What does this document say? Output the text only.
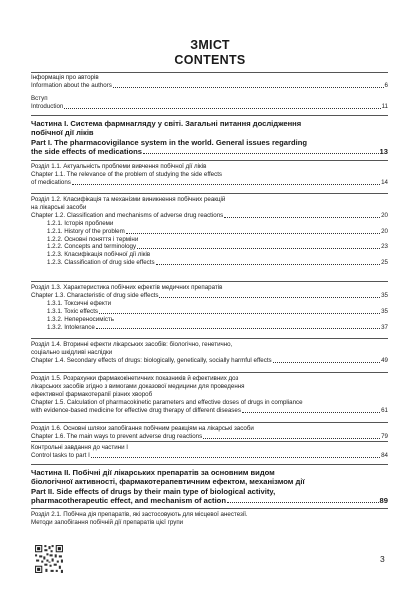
ЗМІСТ
CONTENTS
Інформація про авторів
Information about the authors	6
Вступ
Introduction	11
Частина І. Система фармнагляду у світі. Загальні питання дослідження
побічної дії ліків
Part I. The pharmacovigilance system in the world. General issues regarding
the side effects of medications	13
Розділ 1.1. Актуальність проблеми вивчення побічної дії ліків
Chapter 1.1. The relevance of the problem of studying the side effects
of medications	14
Розділ 1.2. Класифікація та механізми виникнення побічних реакцій
на лікарські засоби
Chapter 1.2. Classification and mechanisms of adverse drug reactions	20
1.2.1. Історія проблеми
1.2.1. History of the problem	20
1.2.2. Основні поняття і терміни
1.2.2. Concepts and terminology	23
1.2.3. Класифікація побічної дії ліків
1.2.3. Classification of drug side effects	25
Розділ 1.3. Характеристика побічних ефектів медичних препаратів
Chapter 1.3. Characteristic of drug side effects	35
1.3.1. Токсичні ефекти
1.3.1. Toxic effects	35
1.3.2. Непереносимість
1.3.2. Intolerance	37
Розділ 1.4. Вторинні ефекти лікарських засобів: біологічно, генетично,
соціально шкідливі наслідки
Chapter 1.4. Secondary effects of drugs: biologically, genetically, socially harmful effects	49
Розділ 1.5. Розрахунки фармакокінетичних показників й ефективних доз
лікарських засобів згідно з вимогами доказової медицини для проведення
ефективної фармакотерапії різних хвороб
Chapter 1.5. Calculation of pharmacokinetic parameters and effective doses of drugs in compliance
with evidence-based medicine for effective drug therapy of different diseases	61
Розділ 1.6. Основні шляхи запобігання побічним реакціям на лікарські засоби
Chapter 1.6. The main ways to prevent adverse drug reactions	79
Контрольні завдання до частини I
Control tasks to part I	84
Частина II. Побічні дії лікарських препаратів за основним видом
біологічної активності, фармакотерапевтичним ефектом, механізмом дії
Part II. Side effects of drugs by their main type of biological activity,
pharmacotherapeutic effect, and mechanism of action	89
Розділ 2.1. Побічна дія препаратів, які застосовують для місцевої анестезії.
Методи запобігання побічній дії препаратів цієї групи
3
